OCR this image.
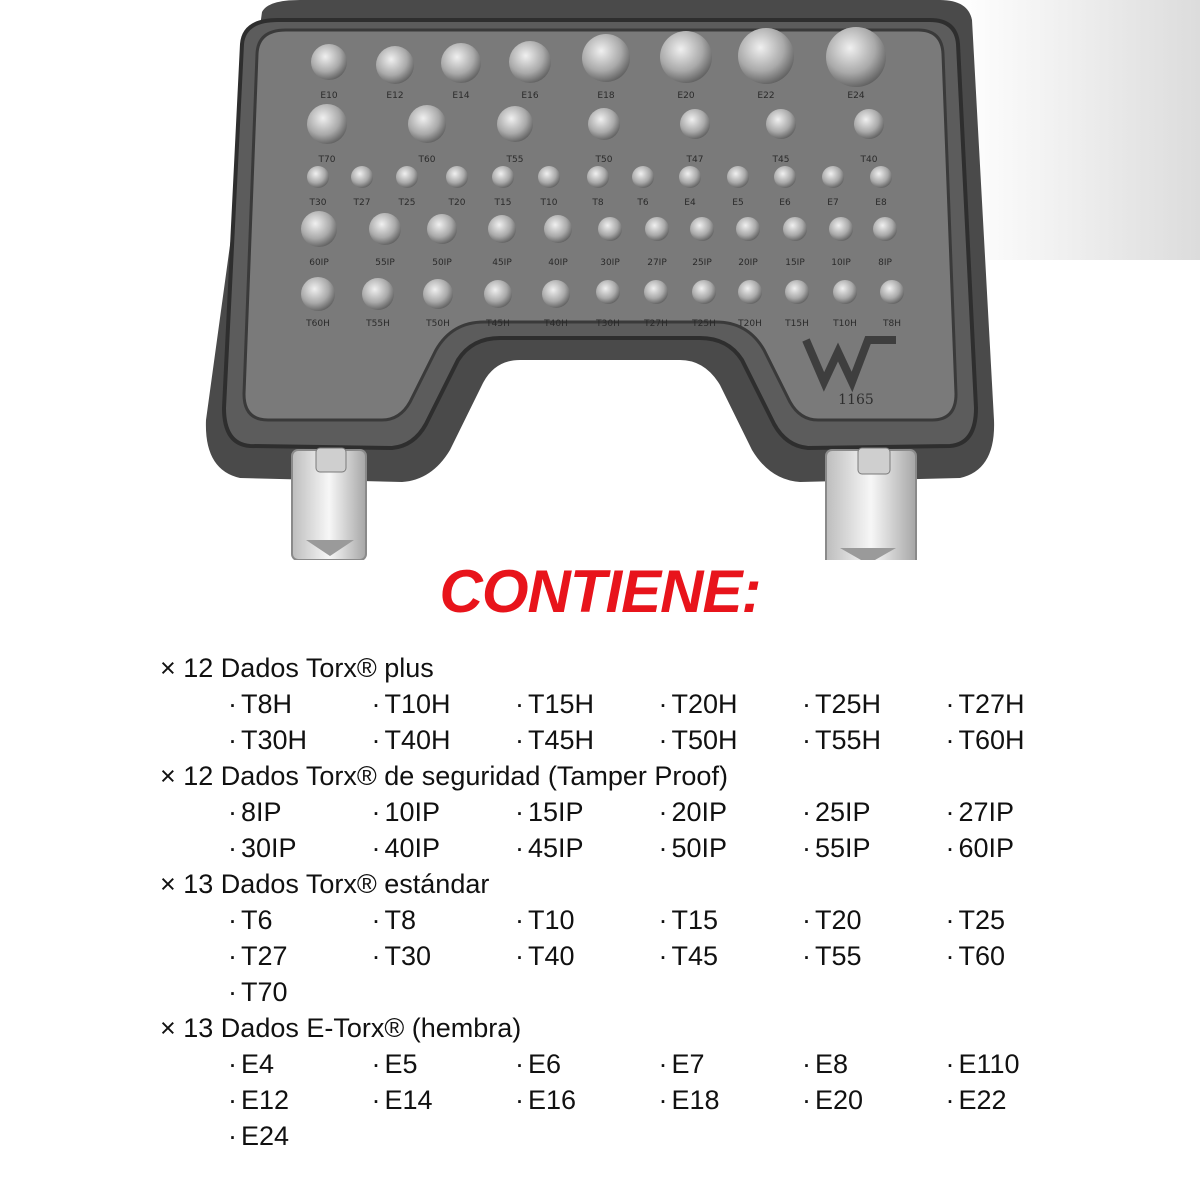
E10	E12	E14	E16	E18	E20	E22	E24
T70	T60	T55	T50	T47	T45	T40
T30	T27	T25	T20	T15	T10	T8	T6	E4	E5	E6	E7	E8
60IP	55IP	50IP	45IP	40IP	30IP	27IP	25IP	20IP	15IP	10IP	8IP
T60H	T55H	T50H	T45H	T40H	T30H	T27H	T25H T20H	T15H	T10H	T8H
1165
CONTIENE:
× 12 Dados Torx® plus
· T8H	· T10H	· T15H	· T20H	· T25H	· T27H
· T30H	· T40H	· T45H	· T50H	· T55H	· T60H
× 12 Dados Torx® de seguridad (Tamper Proof)
· 8IP	· 10IP	· 15IP	· 20IP	· 25IP	· 27IP
· 30IP	· 40IP	· 45IP	· 50IP	· 55IP	· 60IP
× 13 Dados Torx® estándar
· T6	· T8	· T10	· T15	· T20	· T25
· T27	· T30	· T40	· T45	· T55	· T60
· T70
× 13 Dados E-Torx® (hembra)
· E4	· E5	· E6	· E7	· E8	· E110
· E12	· E14	· E16	· E18	· E20	· E22
· E24
